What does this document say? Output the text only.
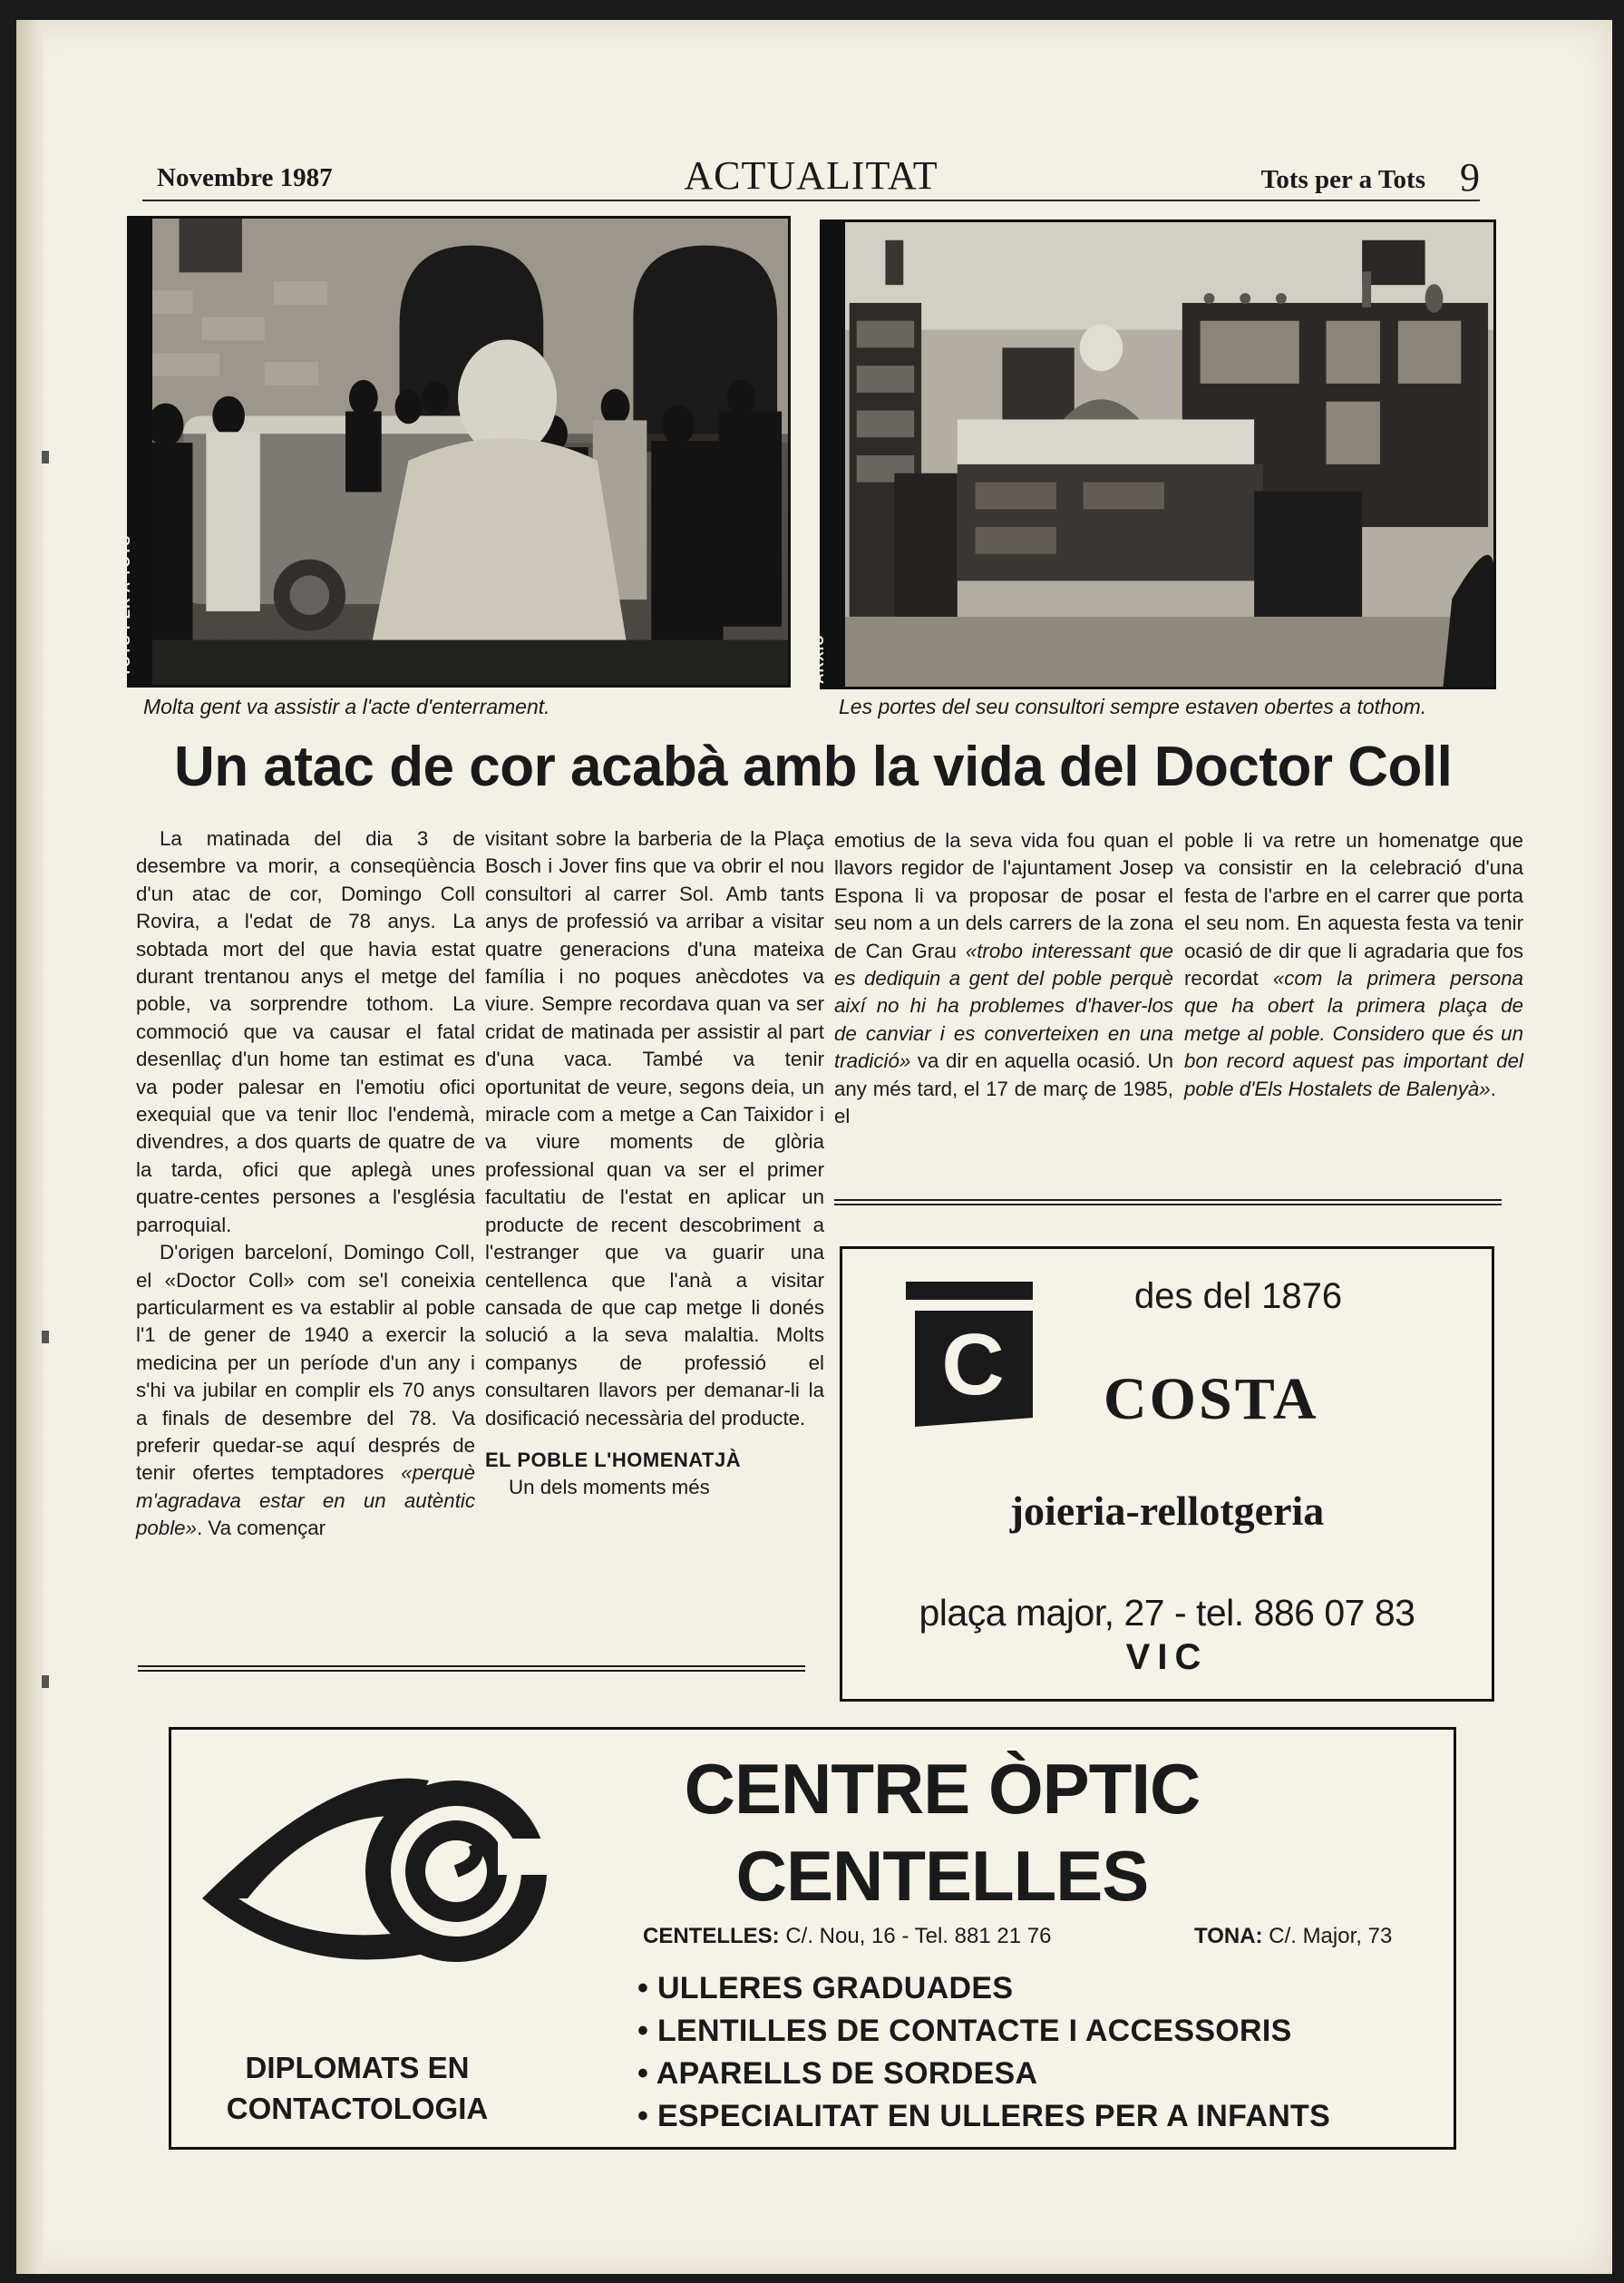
Novembre 1987	ACTUALITAT	Tots per a Tots 9
TOTS PER A TOTS	ARXIU
Molta gent va assistir a l'acte d'enterrament.	Les portes del seu consultori sempre estaven obertes a tothom.
Un atac de cor acabà amb la vida del Doctor Coll

La matinada del dia 3 de desembre va morir, a conseqüència d'un atac de cor, Domingo Coll Rovira, a l'edat de 78 anys. La sobtada mort del que havia estat durant trentanou anys el metge del poble, va sorprendre tothom. La commoció que va causar el fatal desenllaç d'un home tan estimat es va poder palesar en l'emotiu ofici exequial que va tenir lloc l'endemà, divendres, a dos quarts de quatre de la tarda, ofici que aplegà unes quatre-centes persones a l'església parroquial.

D'origen barceloní, Domingo Coll, el «Doctor Coll» com se'l coneixia particularment es va establir al poble l'1 de gener de 1940 a exercir la medicina per un període d'un any i s'hi va jubilar en complir els 70 anys a finals de desembre del 78. Va preferir quedar-se aquí després de tenir ofertes temptadores «perquè m'agradava estar en un autèntic poble». Va començar

visitant sobre la barberia de la Plaça Bosch i Jover fins que va obrir el nou consultori al carrer Sol. Amb tants anys de professió va arribar a visitar quatre generacions d'una mateixa família i no poques anècdotes va viure. Sempre recordava quan va ser cridat de matinada per assistir al part d'una vaca. També va tenir oportunitat de veure, segons deia, un miracle com a metge a Can Taixidor i va viure moments de glòria professional quan va ser el primer facultatiu de l'estat en aplicar un producte de recent descobriment a l'estranger que va guarir una centellenca que l'anà a visitar cansada de que cap metge li donés solució a la seva malaltia. Molts companys de professió el consultaren llavors per demanar-li la dosificació necessària del producte.

EL POBLE L'HOMENATJÀ

Un dels moments més

emotius de la seva vida fou quan el llavors regidor de l'ajuntament Josep Espona li va proposar de posar el seu nom a un dels carrers de la zona de Can Grau «trobo interessant que es dediquin a gent del poble perquè així no hi ha problemes d'haver-los de canviar i es converteixen en una tradició» va dir en aquella ocasió. Un any més tard, el 17 de març de 1985, el

poble li va retre un homenatge que va consistir en la celebració d'una festa de l'arbre en el carrer que porta el seu nom. En aquesta festa va tenir ocasió de dir que li agradaria que fos recordat «com la primera persona que ha obert la primera plaça de metge al poble. Considero que és un bon record aquest pas important del poble d'Els Hostalets de Balenyà».

C
des del 1876
COSTA
joieria-rellotgeria
plaça major, 27 - tel. 886 07 83
VIC
CENTRE ÒPTIC
CENTELLES
CENTELLES: C/. Nou, 16 - Tel. 881 21 76	TONA: C/. Major, 73
• ULLERES GRADUADES
• LENTILLES DE CONTACTE I ACCESSORIS
• APARELLS DE SORDESA
• ESPECIALITAT EN ULLERES PER A INFANTS
DIPLOMATS EN
CONTACTOLOGIA
